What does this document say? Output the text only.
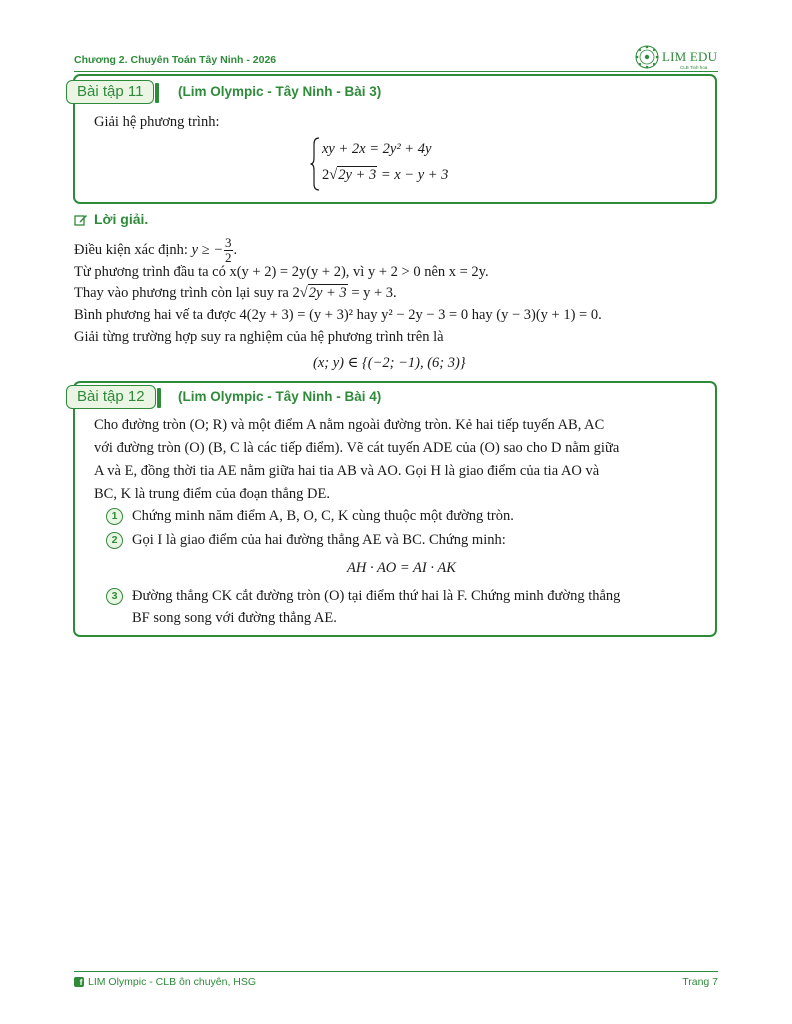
Chương 2. Chuyên Toán Tây Ninh - 2026	LIM EDU
CLB Tinh hoa
Bài tập 11	(Lim Olympic - Tây Ninh - Bài 3)
Giải hệ phương trình:
xy + 2x = 2y² + 4y
2√2y + 3 = x − y + 3
Lời giải.
Điều kiện xác định: y ≥ − $\frac{3}{2}$ .
Từ phương trình đầu ta có x(y + 2) = 2y(y + 2), vì y + 2 > 0 nên x = 2y.
Thay vào phương trình còn lại suy ra 2√2y + 3 = y + 3.
Bình phương hai vế ta được 4(2y + 3) = (y + 3)² hay y² − 2y − 3 = 0 hay (y − 3)(y + 1) = 0.
Giải từng trường hợp suy ra nghiệm của hệ phương trình trên là
(x; y) ∈ {(−2; −1), (6; 3)}
Bài tập 12	(Lim Olympic - Tây Ninh - Bài 4)
Cho đường tròn (O; R) và một điểm A nằm ngoài đường tròn. Kẻ hai tiếp tuyến AB, AC
với đường tròn (O) (B, C là các tiếp điểm). Vẽ cát tuyến ADE của (O) sao cho D nằm giữa
A và E, đồng thời tia AE nằm giữa hai tia AB và AO. Gọi H là giao điểm của tia AO và
BC, K là trung điểm của đoạn thẳng DE.
1	Chứng minh năm điểm A, B, O, C, K cùng thuộc một đường tròn.
2	Gọi I là giao điểm của hai đường thẳng AE và BC. Chứng minh:
AH · AO = AI · AK
3	Đường thẳng CK cắt đường tròn (O) tại điểm thứ hai là F. Chứng minh đường thẳng
BF song song với đường thẳng AE.
f LIM Olympic - CLB ôn chuyên, HSG	Trang 7
